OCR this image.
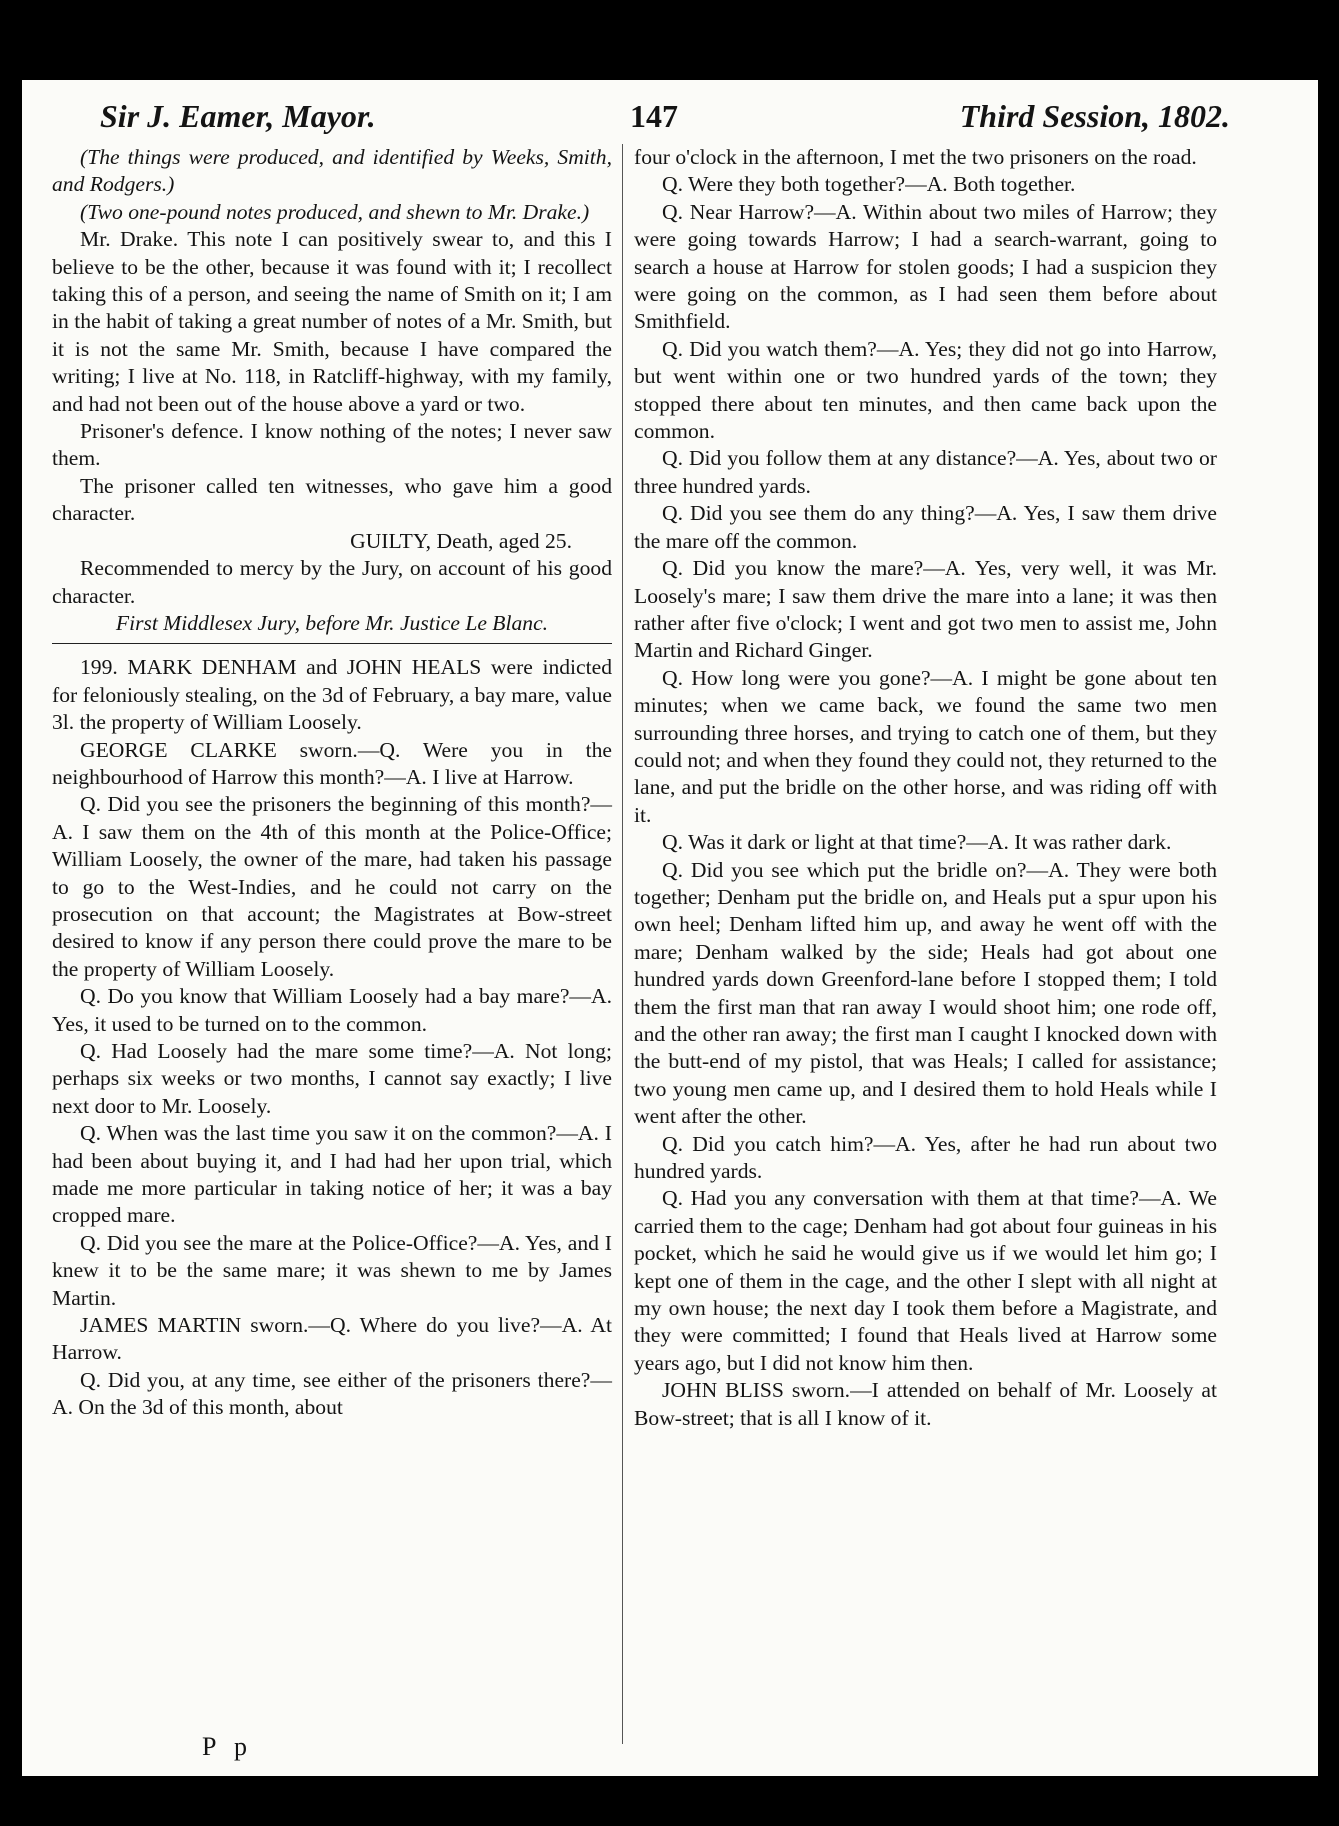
Sir J. Eamer, Mayor.	147	Third Session, 1802.

(The things were produced, and identified by Weeks, Smith, and Rodgers.)

(Two one-pound notes produced, and shewn to Mr. Drake.)

Mr. Drake. This note I can positively swear to, and this I believe to be the other, because it was found with it; I recollect taking this of a person, and seeing the name of Smith on it; I am in the habit of taking a great number of notes of a Mr. Smith, but it is not the same Mr. Smith, because I have compared the writing; I live at No. 118, in Ratcliff-highway, with my family, and had not been out of the house above a yard or two.

Prisoner's defence. I know nothing of the notes; I never saw them.

The prisoner called ten witnesses, who gave him a good character.

GUILTY, Death, aged 25.

Recommended to mercy by the Jury, on account of his good character.

First Middlesex Jury, before Mr. Justice Le Blanc.

199. MARK DENHAM and JOHN HEALS were indicted for feloniously stealing, on the 3d of February, a bay mare, value 3l. the property of William Loosely.

GEORGE CLARKE sworn.—Q. Were you in the neighbourhood of Harrow this month?—A. I live at Harrow.

Q. Did you see the prisoners the beginning of this month?—A. I saw them on the 4th of this month at the Police-Office; William Loosely, the owner of the mare, had taken his passage to go to the West-Indies, and he could not carry on the prosecution on that account; the Magistrates at Bow-street desired to know if any person there could prove the mare to be the property of William Loosely.

Q. Do you know that William Loosely had a bay mare?—A. Yes, it used to be turned on to the common.

Q. Had Loosely had the mare some time?—A. Not long; perhaps six weeks or two months, I cannot say exactly; I live next door to Mr. Loosely.

Q. When was the last time you saw it on the common?—A. I had been about buying it, and I had had her upon trial, which made me more particular in taking notice of her; it was a bay cropped mare.

Q. Did you see the mare at the Police-Office?—A. Yes, and I knew it to be the same mare; it was shewn to me by James Martin.

JAMES MARTIN sworn.—Q. Where do you live?—A. At Harrow.

Q. Did you, at any time, see either of the prisoners there?—A. On the 3d of this month, about

four o'clock in the afternoon, I met the two prisoners on the road.

Q. Were they both together?—A. Both together.

Q. Near Harrow?—A. Within about two miles of Harrow; they were going towards Harrow; I had a search-warrant, going to search a house at Harrow for stolen goods; I had a suspicion they were going on the common, as I had seen them before about Smithfield.

Q. Did you watch them?—A. Yes; they did not go into Harrow, but went within one or two hundred yards of the town; they stopped there about ten minutes, and then came back upon the common.

Q. Did you follow them at any distance?—A. Yes, about two or three hundred yards.

Q. Did you see them do any thing?—A. Yes, I saw them drive the mare off the common.

Q. Did you know the mare?—A. Yes, very well, it was Mr. Loosely's mare; I saw them drive the mare into a lane; it was then rather after five o'clock; I went and got two men to assist me, John Martin and Richard Ginger.

Q. How long were you gone?—A. I might be gone about ten minutes; when we came back, we found the same two men surrounding three horses, and trying to catch one of them, but they could not; and when they found they could not, they returned to the lane, and put the bridle on the other horse, and was riding off with it.

Q. Was it dark or light at that time?—A. It was rather dark.

Q. Did you see which put the bridle on?—A. They were both together; Denham put the bridle on, and Heals put a spur upon his own heel; Denham lifted him up, and away he went off with the mare; Denham walked by the side; Heals had got about one hundred yards down Greenford-lane before I stopped them; I told them the first man that ran away I would shoot him; one rode off, and the other ran away; the first man I caught I knocked down with the butt-end of my pistol, that was Heals; I called for assistance; two young men came up, and I desired them to hold Heals while I went after the other.

Q. Did you catch him?—A. Yes, after he had run about two hundred yards.

Q. Had you any conversation with them at that time?—A. We carried them to the cage; Denham had got about four guineas in his pocket, which he said he would give us if we would let him go; I kept one of them in the cage, and the other I slept with all night at my own house; the next day I took them before a Magistrate, and they were committed; I found that Heals lived at Harrow some years ago, but I did not know him then.

JOHN BLISS sworn.—I attended on behalf of Mr. Loosely at Bow-street; that is all I know of it.

P p
